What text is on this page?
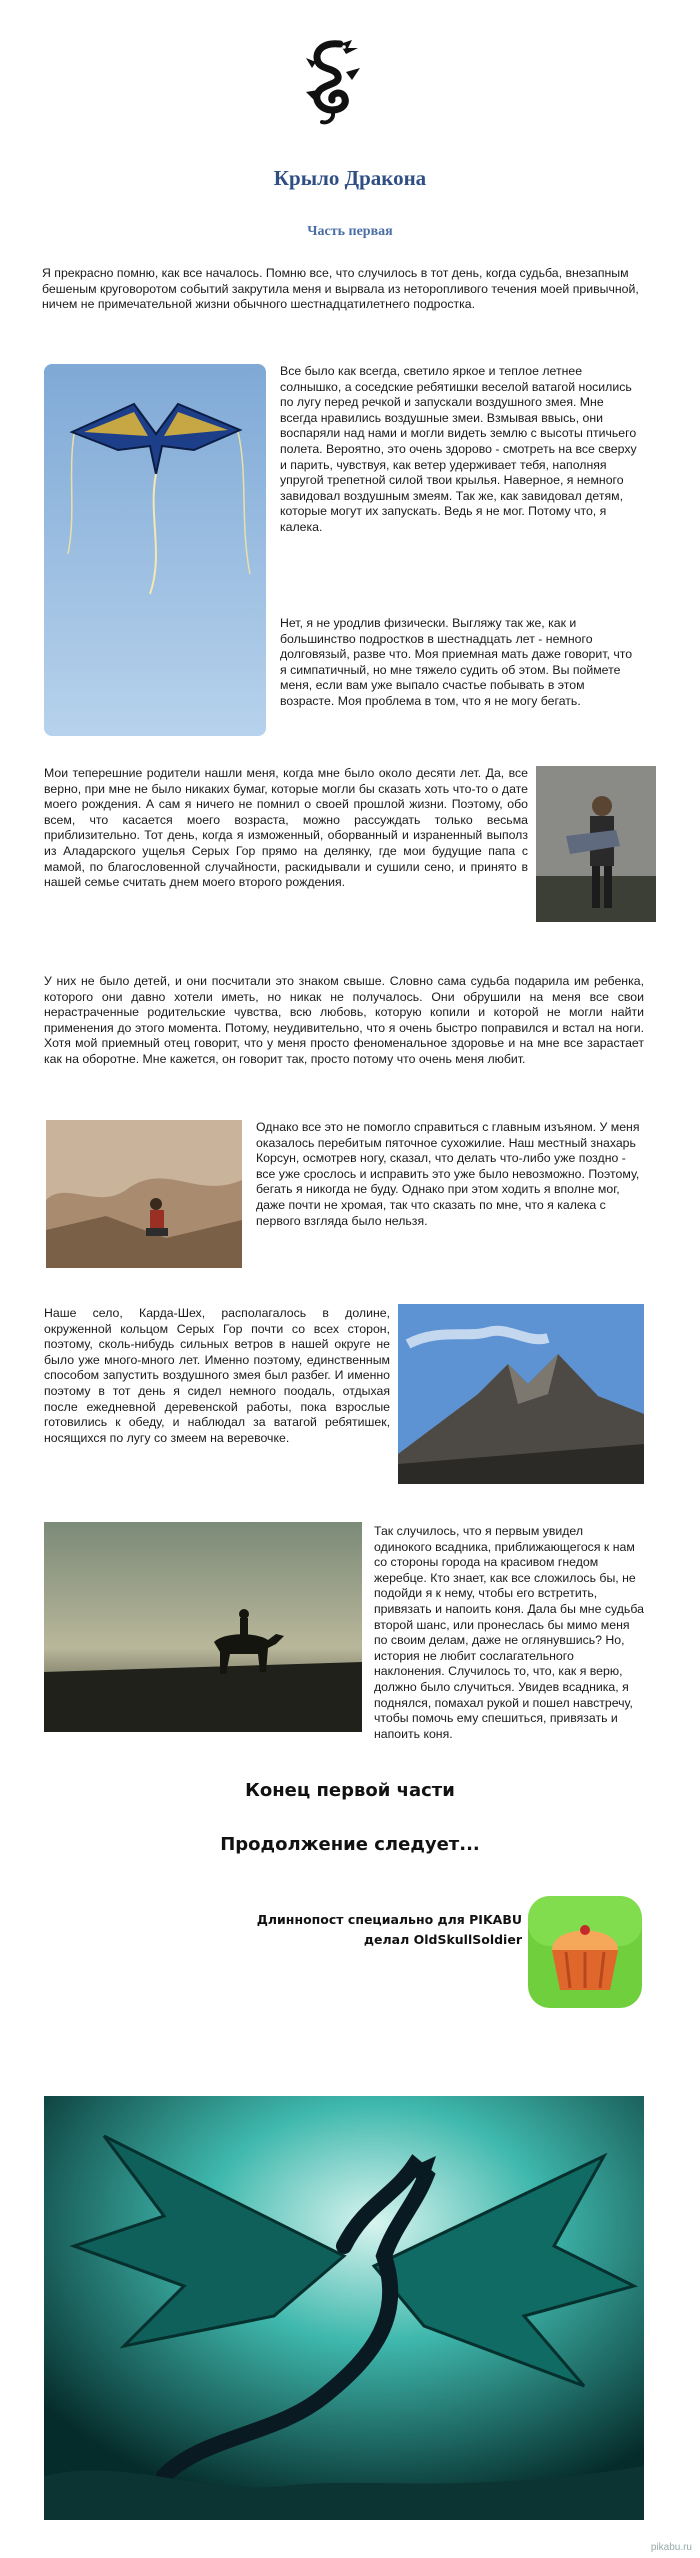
Крыло Дракона
Часть первая
Я прекрасно помню, как все началось. Помню все, что случилось в тот день, когда судьба, внезапным бешеным круговоротом событий закрутила меня и вырвала из неторопливого течения моей привычной, ничем не примечательной жизни обычного шестнадцатилетнего подростка.
Все было как всегда, светило яркое и теплое летнее солнышко, а соседские ребятишки веселой ватагой носились по лугу перед речкой и запускали воздушного змея. Мне всегда нравились воздушные змеи. Взмывая ввысь, они воспаряли над нами и могли видеть землю с высоты птичьего полета. Вероятно, это очень здорово - смотреть на все сверху и парить, чувствуя, как ветер удерживает тебя, наполняя упругой трепетной силой твои крылья. Наверное, я немного завидовал воздушным змеям. Так же, как завидовал детям, которые могут их запускать. Ведь я не мог. Потому что, я калека.
Нет, я не уродлив физически. Выгляжу так же, как и большинство подростков в шестнадцать лет - немного долговязый, разве что. Моя приемная мать даже говорит, что я симпатичный, но мне тяжело судить об этом. Вы поймете меня, если вам уже выпало счастье побывать в этом возрасте. Моя проблема в том, что я не могу бегать.
Мои теперешние родители нашли меня, когда мне было около десяти лет. Да, все верно, при мне не было никаких бумаг, которые могли бы сказать хоть что-то о дате моего рождения. А сам я ничего не помнил о своей прошлой жизни. Поэтому, обо всем, что касается моего возраста, можно рассуждать только весьма приблизительно. Тот день, когда я изможенный, оборванный и израненный выполз из Аладарского ущелья Серых Гор прямо на делянку, где мои будущие папа с мамой, по благословенной случайности, раскидывали и сушили сено, и принято в нашей семье считать днем моего второго рождения.
У них не было детей, и они посчитали это знаком свыше. Словно сама судьба подарила им ребенка, которого они давно хотели иметь, но никак не получалось. Они обрушили на меня все свои нерастраченные родительские чувства, всю любовь, которую копили и которой не могли найти применения до этого момента. Потому, неудивительно, что я очень быстро поправился и встал на ноги. Хотя мой приемный отец говорит, что у меня просто феноменальное здоровье и на мне все зарастает как на оборотне. Мне кажется, он говорит так, просто потому что очень меня любит.
Однако все это не помогло справиться с главным изъяном. У меня оказалось перебитым пяточное сухожилие. Наш местный знахарь Корсун, осмотрев ногу, сказал, что делать что-либо уже поздно - все уже срослось и исправить это уже было невозможно. Поэтому, бегать я никогда не буду. Однако при этом ходить я вполне мог, даже почти не хромая, так что сказать по мне, что я калека с первого взгляда было нельзя.
Наше село, Карда-Шех, располагалось в долине, окруженной кольцом Серых Гор почти со всех сторон, поэтому, сколь-нибудь сильных ветров в нашей округе не было уже много-много лет. Именно поэтому, единственным способом запустить воздушного змея был разбег. И именно поэтому в тот день я сидел немного поодаль, отдыхая после ежедневной деревенской работы, пока взрослые готовились к обеду, и наблюдал за ватагой ребятишек, носящихся по лугу со змеем на веревочке.
Так случилось, что я первым увидел одинокого всадника, приближающегося к нам со стороны города на красивом гнедом жеребце. Кто знает, как все сложилось бы, не подойди я к нему, чтобы его встретить, привязать и напоить коня. Дала бы мне судьба второй шанс, или пронеслась бы мимо меня по своим делам, даже не оглянувшись? Но, история не любит сослагательного наклонения. Случилось то, что, как я верю, должно было случиться. Увидев всадника, я поднялся, помахал рукой и пошел навстречу, чтобы помочь ему спешиться, привязать и напоить коня.
Конец первой части
Продолжение следует...
Длиннопост специально для PIKABU
делал OldSkullSoldier
pikabu.ru
